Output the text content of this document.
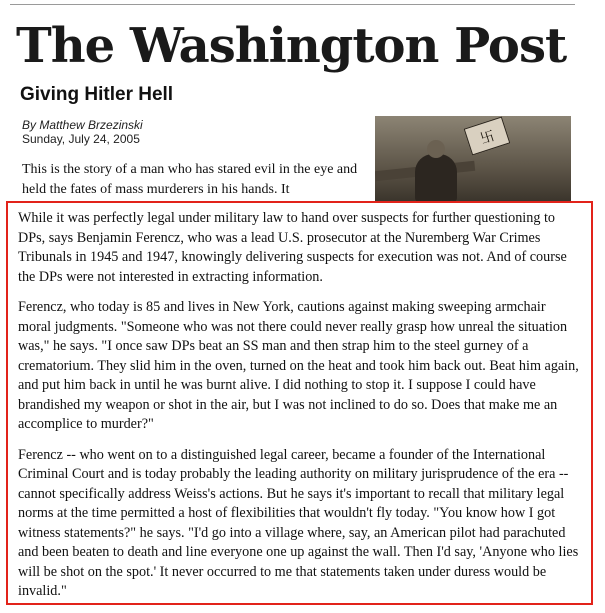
The Washington Post
Giving Hitler Hell
By Matthew Brzezinski
Sunday, July 24, 2005	卐
This is the story of a man who has stared evil in the eye and held the fates of mass murderers in his hands. It

While it was perfectly legal under military law to hand over suspects for further questioning to DPs, says Benjamin Ferencz, who was a lead U.S. prosecutor at the Nuremberg War Crimes Tribunals in 1945 and 1947, knowingly delivering suspects for execution was not. And of course the DPs were not interested in extracting information.

Ferencz, who today is 85 and lives in New York, cautions against making sweeping armchair moral judgments. "Someone who was not there could never really grasp how unreal the situation was," he says. "I once saw DPs beat an SS man and then strap him to the steel gurney of a crematorium. They slid him in the oven, turned on the heat and took him back out. Beat him again, and put him back in until he was burnt alive. I did nothing to stop it. I suppose I could have brandished my weapon or shot in the air, but I was not inclined to do so. Does that make me an accomplice to murder?"

Ferencz -- who went on to a distinguished legal career, became a founder of the International Criminal Court and is today probably the leading authority on military jurisprudence of the era -- cannot specifically address Weiss's actions. But he says it's important to recall that military legal norms at the time permitted a host of flexibilities that wouldn't fly today. "You know how I got witness statements?" he says. "I'd go into a village where, say, an American pilot had parachuted and been beaten to death and line everyone one up against the wall. Then I'd say, 'Anyone who lies will be shot on the spot.' It never occurred to me that statements taken under duress would be invalid."
